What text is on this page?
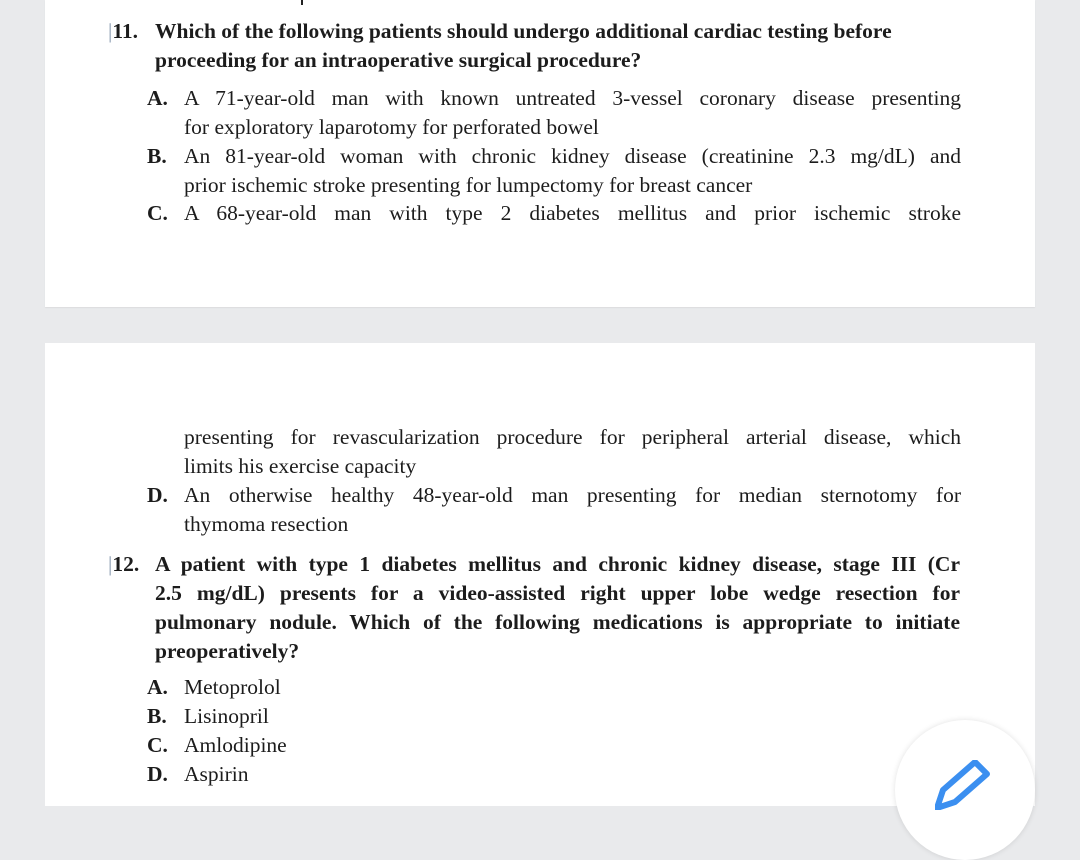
|11. Which of the following patients should undergo additional cardiac testing before
proceeding for an intraoperative surgical procedure?
A. A 71-year-old man with known untreated 3-vessel coronary disease presenting
for exploratory laparotomy for perforated bowel
B. An 81-year-old woman with chronic kidney disease (creatinine 2.3 mg/dL) and
prior ischemic stroke presenting for lumpectomy for breast cancer
C. A 68-year-old man with type 2 diabetes mellitus and prior ischemic stroke
presenting for revascularization procedure for peripheral arterial disease, which
limits his exercise capacity
D. An otherwise healthy 48-year-old man presenting for median sternotomy for
thymoma resection
|12. A patient with type 1 diabetes mellitus and chronic kidney disease, stage III (Cr
2.5 mg/dL) presents for a video-assisted right upper lobe wedge resection for
pulmonary nodule. Which of the following medications is appropriate to initiate
preoperatively?
A. Metoprolol
B. Lisinopril
C. Amlodipine
D. Aspirin
